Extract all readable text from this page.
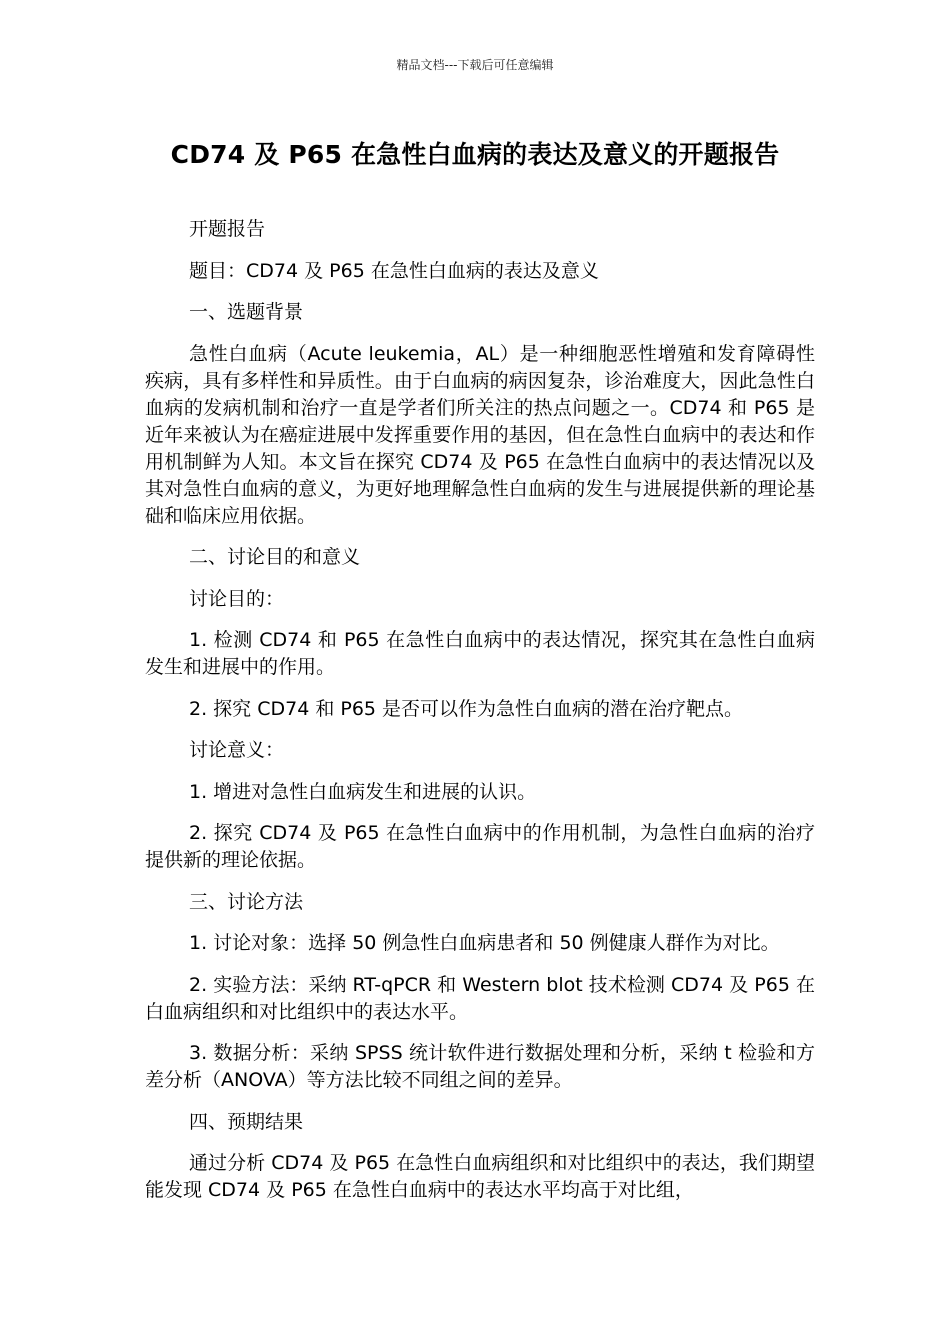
精品文档---下载后可任意编辑
CD74 及 P65 在急性白血病的表达及意义的开题报告

开题报告

题目：CD74 及 P65 在急性白血病的表达及意义

一、选题背景

急性白血病（Acute leukemia，AL）是一种细胞恶性增殖和发育障碍性疾病，具有多样性和异质性。由于白血病的病因复杂，诊治难度大，因此急性白血病的发病机制和治疗一直是学者们所关注的热点问题之一。CD74 和 P65 是近年来被认为在癌症进展中发挥重要作用的基因，但在急性白血病中的表达和作用机制鲜为人知。本文旨在探究 CD74 及 P65 在急性白血病中的表达情况以及其对急性白血病的意义，为更好地理解急性白血病的发生与进展提供新的理论基础和临床应用依据。

二、讨论目的和意义

讨论目的：

1. 检测 CD74 和 P65 在急性白血病中的表达情况，探究其在急性白血病发生和进展中的作用。

2. 探究 CD74 和 P65 是否可以作为急性白血病的潜在治疗靶点。

讨论意义：

1. 增进对急性白血病发生和进展的认识。

2. 探究 CD74 及 P65 在急性白血病中的作用机制，为急性白血病的治疗提供新的理论依据。

三、讨论方法

1. 讨论对象：选择 50 例急性白血病患者和 50 例健康人群作为对比。

2. 实验方法：采纳 RT-qPCR 和 Western blot 技术检测 CD74 及 P65 在白血病组织和对比组织中的表达水平。

3. 数据分析：采纳 SPSS 统计软件进行数据处理和分析，采纳 t 检验和方差分析（ANOVA）等方法比较不同组之间的差异。

四、预期结果

通过分析 CD74 及 P65 在急性白血病组织和对比组织中的表达，我们期望能发现 CD74 及 P65 在急性白血病中的表达水平均高于对比组，
